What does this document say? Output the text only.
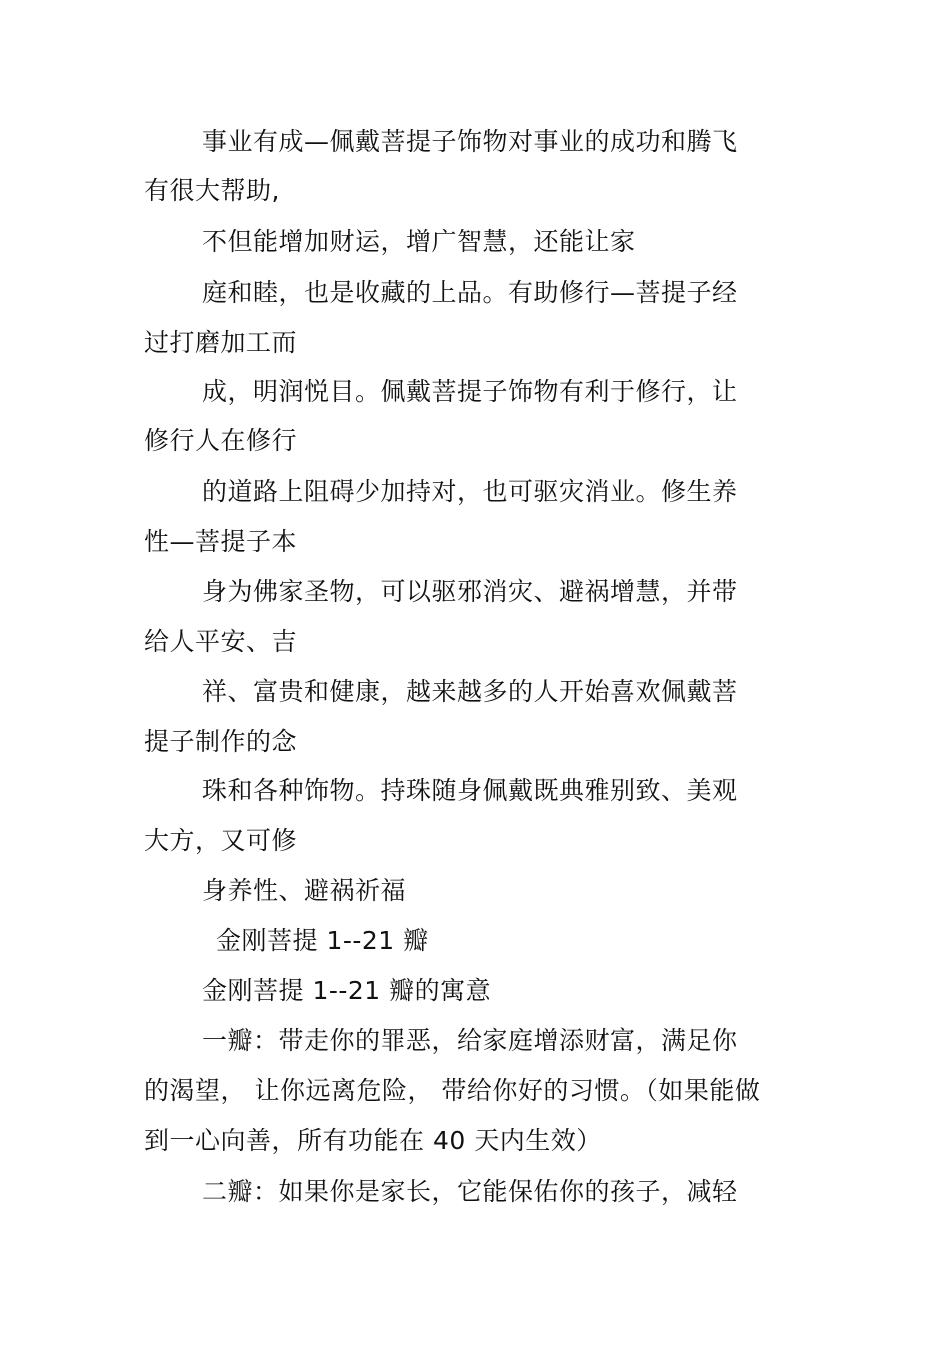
事业有成—佩戴菩提子饰物对事业的成功和腾飞
有很大帮助,
不但能增加财运，增广智慧，还能让家
庭和睦，也是收藏的上品。有助修行—菩提子经
过打磨加工而
成，明润悦目。佩戴菩提子饰物有利于修行，让
修行人在修行
的道路上阻碍少加持对，也可驱灾消业。修生养
性—菩提子本
身为佛家圣物，可以驱邪消灾、避祸增慧，并带
给人平安、吉
祥、富贵和健康，越来越多的人开始喜欢佩戴菩
提子制作的念
珠和各种饰物。持珠随身佩戴既典雅别致、美观
大方，又可修
身养性、避祸祈福
金刚菩提 1--21 瓣
金刚菩提 1--21 瓣的寓意
一瓣：带走你的罪恶，给家庭增添财富，满足你
的渴望， 让你远离危险， 带给你好的习惯。（如果能做
到一心向善，所有功能在 40 天内生效）
二瓣：如果你是家长，它能保佑你的孩子，减轻
